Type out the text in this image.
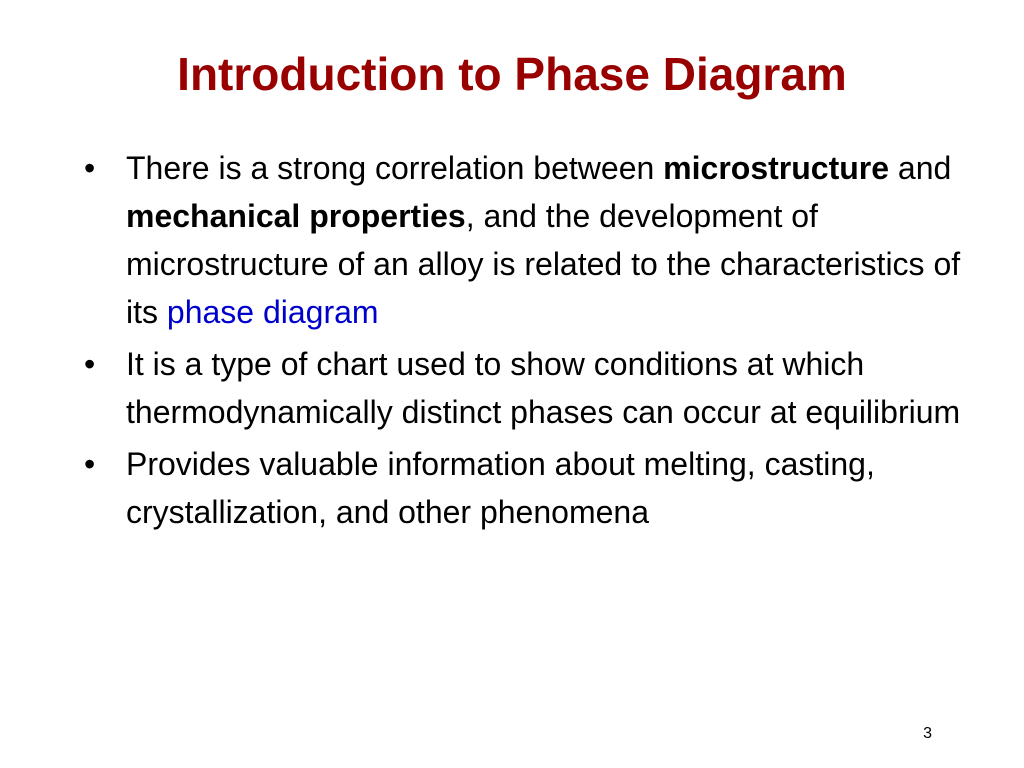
Introduction to Phase Diagram
• There is a strong correlation between microstructure and mechanical properties, and the development of microstructure of an alloy is related to the characteristics of its phase diagram
• It is a type of chart used to show conditions at which thermodynamically distinct phases can occur at equilibrium
• Provides valuable information about melting, casting, crystallization, and other phenomena
3
